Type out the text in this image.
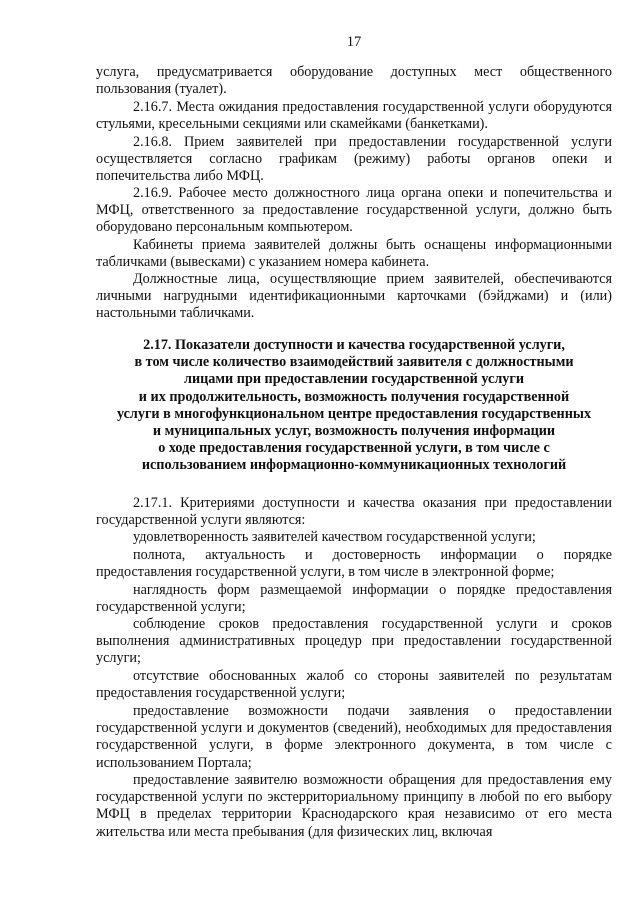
17

услуга, предусматривается оборудование доступных мест общественного пользования (туалет).

2.16.7. Места ожидания предоставления государственной услуги оборудуются стульями, кресельными секциями или скамейками (банкетками).

2.16.8. Прием заявителей при предоставлении государственной услуги осуществляется согласно графикам (режиму) работы органов опеки и попечительства либо МФЦ.

2.16.9. Рабочее место должностного лица органа опеки и попечительства и МФЦ, ответственного за предоставление государственной услуги, должно быть оборудовано персональным компьютером.

Кабинеты приема заявителей должны быть оснащены информационными табличками (вывесками) с указанием номера кабинета.

Должностные лица, осуществляющие прием заявителей, обеспечиваются личными нагрудными идентификационными карточками (бэйджами) и (или) настольными табличками.

2.17. Показатели доступности и качества государственной услуги,
в том числе количество взаимодействий заявителя с должностными
лицами при предоставлении государственной услуги
и их продолжительность, возможность получения государственной
услуги в многофункциональном центре предоставления государственных
и муниципальных услуг, возможность получения информации
о ходе предоставления государственной услуги, в том числе с
использованием информационно-коммуникационных технологий

2.17.1. Критериями доступности и качества оказания при предоставлении государственной услуги являются:

удовлетворенность заявителей качеством государственной услуги;

полнота, актуальность и достоверность информации о порядке предоставления государственной услуги, в том числе в электронной форме;

наглядность форм размещаемой информации о порядке предоставления государственной услуги;

соблюдение сроков предоставления государственной услуги и сроков выполнения административных процедур при предоставлении государственной услуги;

отсутствие обоснованных жалоб со стороны заявителей по результатам предоставления государственной услуги;

предоставление возможности подачи заявления о предоставлении государственной услуги и документов (сведений), необходимых для предоставления государственной услуги, в форме электронного документа, в том числе с использованием Портала;

предоставление заявителю возможности обращения для предоставления ему государственной услуги по экстерриториальному принципу в любой по его выбору МФЦ в пределах территории Краснодарского края независимо от его места жительства или места пребывания (для физических лиц, включая
